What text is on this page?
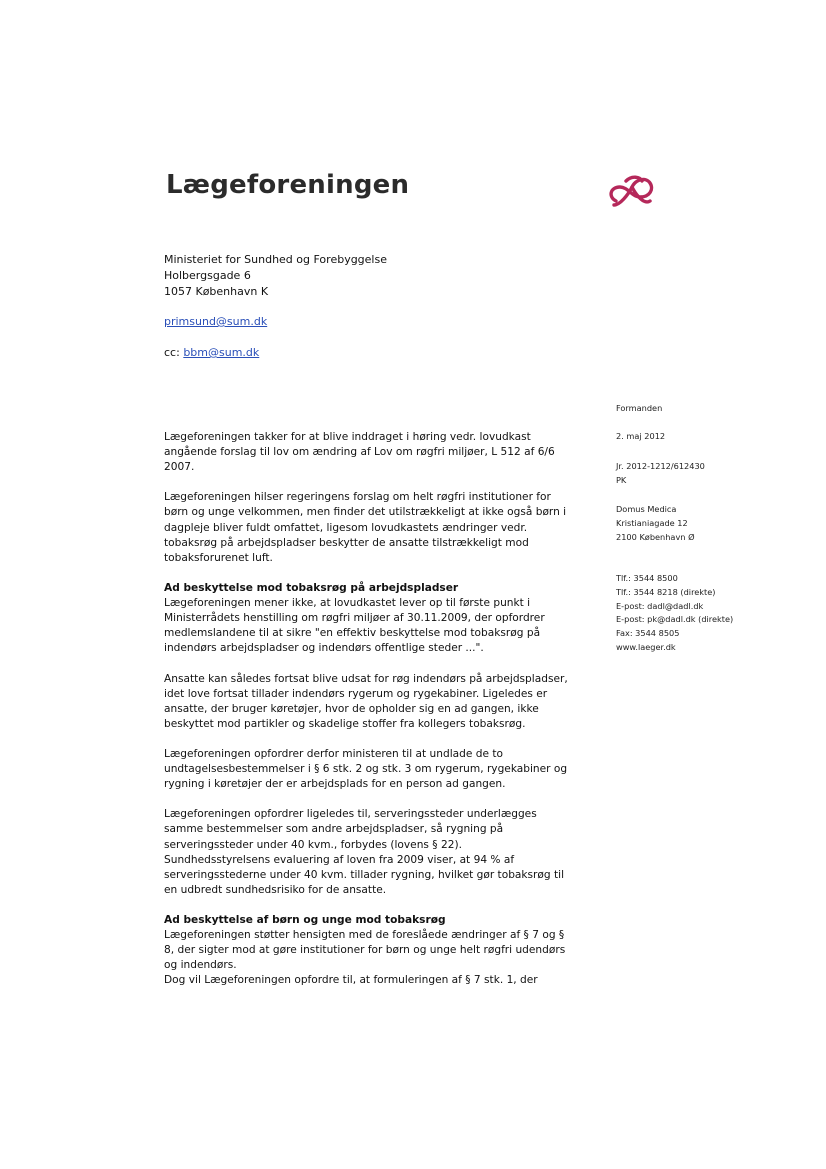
Lægeforeningen
Ministeriet for Sundhed og Forebyggelse
Holbergsgade 6
1057 København K
primsund@sum.dk
cc: bbm@sum.dk
Formanden
2. maj 2012
Jr. 2012-1212/612430
PK
Domus Medica
Kristianiagade 12
2100 København Ø
Tlf.: 3544 8500
Tlf.: 3544 8218 (direkte)
E-post: dadl@dadl.dk
E-post: pk@dadl.dk (direkte)
Fax: 3544 8505
www.laeger.dk
Lægeforeningen takker for at blive inddraget i høring vedr. lovudkast
angående forslag til lov om ændring af Lov om røgfri miljøer, L 512 af 6/6
2007.
Lægeforeningen hilser regeringens forslag om helt røgfri institutioner for
børn og unge velkommen, men finder det utilstrækkeligt at ikke også børn i
dagpleje bliver fuldt omfattet, ligesom lovudkastets ændringer vedr.
tobaksrøg på arbejdspladser beskytter de ansatte tilstrækkeligt mod
tobaksforurenet luft.
Ad beskyttelse mod tobaksrøg på arbejdspladser
Lægeforeningen mener ikke, at lovudkastet lever op til første punkt i
Ministerrådets henstilling om røgfri miljøer af 30.11.2009, der opfordrer
medlemslandene til at sikre "en effektiv beskyttelse mod tobaksrøg på
indendørs arbejdspladser og indendørs offentlige steder ...".
Ansatte kan således fortsat blive udsat for røg indendørs på arbejdspladser,
idet love fortsat tillader indendørs rygerum og rygekabiner. Ligeledes er
ansatte, der bruger køretøjer, hvor de opholder sig en ad gangen, ikke
beskyttet mod partikler og skadelige stoffer fra kollegers tobaksrøg.
Lægeforeningen opfordrer derfor ministeren til at undlade de to
undtagelsesbestemmelser i § 6 stk. 2 og stk. 3 om rygerum, rygekabiner og
rygning i køretøjer der er arbejdsplads for en person ad gangen.
Lægeforeningen opfordrer ligeledes til, serveringssteder underlægges
samme bestemmelser som andre arbejdspladser, så rygning på
serveringssteder under 40 kvm., forbydes (lovens § 22).
Sundhedsstyrelsens evaluering af loven fra 2009 viser, at 94 % af
serveringsstederne under 40 kvm. tillader rygning, hvilket gør tobaksrøg til
en udbredt sundhedsrisiko for de ansatte.
Ad beskyttelse af børn og unge mod tobaksrøg
Lægeforeningen støtter hensigten med de foreslåede ændringer af § 7 og §
8, der sigter mod at gøre institutioner for børn og unge helt røgfri udendørs
og indendørs.
Dog vil Lægeforeningen opfordre til, at formuleringen af § 7 stk. 1, der
